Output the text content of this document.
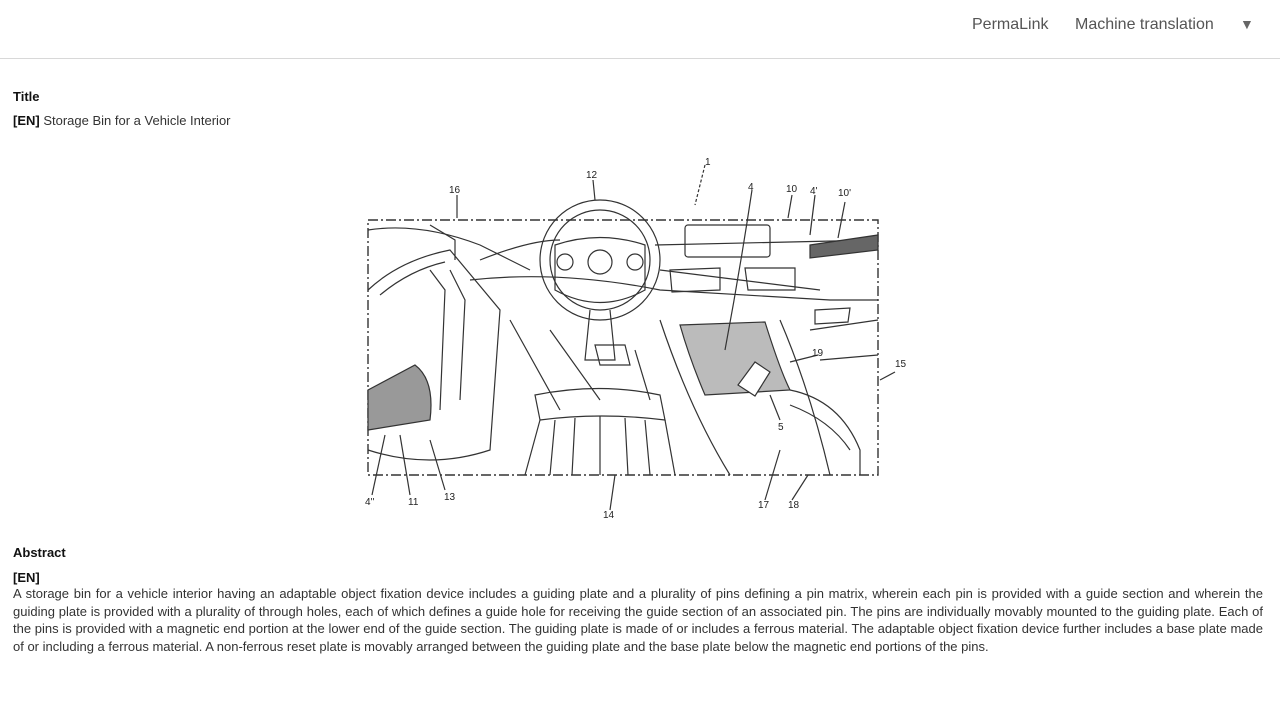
PermaLink Machine translation ▼
Title
[EN] Storage Bin for a Vehicle Interior
1
12
16	4	10 4' 10'
19
15
5
4''	11	13
14
17 18
Abstract
[EN]

A storage bin for a vehicle interior having an adaptable object fixation device includes a guiding plate and a plurality of pins defining a pin matrix, wherein each pin is provided with a guide section and wherein the guiding plate is provided with a plurality of through holes, each of which defines a guide hole for receiving the guide section of an associated pin. The pins are individually movably mounted to the guiding plate. Each of the pins is provided with a magnetic end portion at the lower end of the guide section. The guiding plate is made of or includes a ferrous material. The adaptable object fixation device further includes a base plate made of or including a ferrous material. A non-ferrous reset plate is movably arranged between the guiding plate and the base plate below the magnetic end portions of the pins.
